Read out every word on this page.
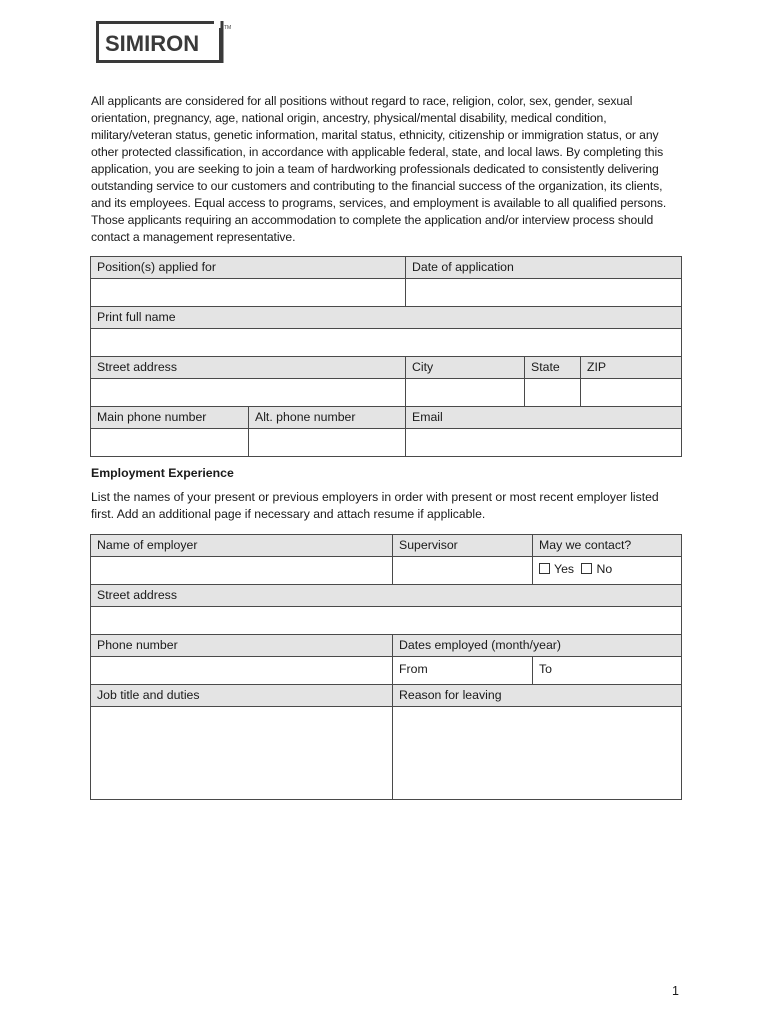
SIMIRON
TM

All applicants are considered for all positions without regard to race, religion, color, sex, gender, sexual orientation, pregnancy, age, national origin, ancestry, physical/mental disability, medical condition, military/veteran status, genetic information, marital status, ethnicity, citizenship or immigration status, or any other protected classification, in accordance with applicable federal, state, and local laws. By completing this application, you are seeking to join a team of hardworking professionals dedicated to consistently delivering outstanding service to our customers and contributing to the financial success of the organization, its clients, and its employees. Equal access to programs, services, and employment is available to all qualified persons. Those applicants requiring an accommodation to complete the application and/or interview process should contact a management representative.

Position(s) applied for		Date of application		

Print full name				

Street address		City	State	ZIP

Main phone number	Alt. phone number	Email		

Employment Experience

List the names of your present or previous employers in order with present or most recent employer listed first. Add an additional page if necessary and attach resume if applicable.

Name of employer	Supervisor	May we contact?
		Yes No
Street address		

Phone number	Dates employed (month/year)	
	From	To
Job title and duties	Reason for leaving	

1
